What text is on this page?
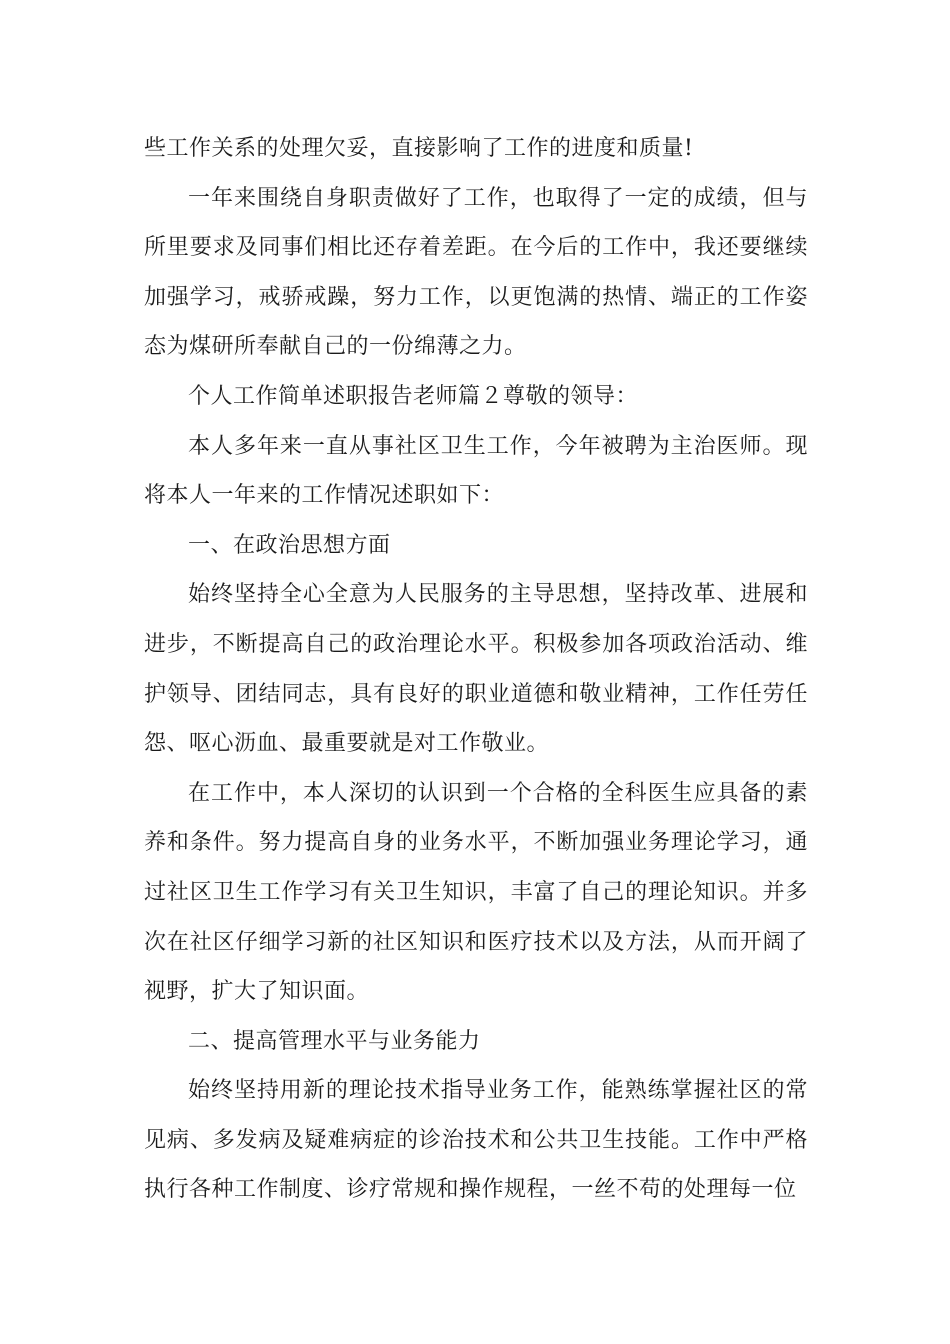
些工作关系的处理欠妥，直接影响了工作的进度和质量!

一年来围绕自身职责做好了工作，也取得了一定的成绩，但与所里要求及同事们相比还存着差距。在今后的工作中，我还要继续加强学习，戒骄戒躁，努力工作，以更饱满的热情、端正的工作姿态为煤研所奉献自己的一份绵薄之力。

个人工作简单述职报告老师篇２尊敬的领导：

本人多年来一直从事社区卫生工作，今年被聘为主治医师。现将本人一年来的工作情况述职如下：

一、在政治思想方面

始终坚持全心全意为人民服务的主导思想，坚持改革、进展和进步，不断提高自己的政治理论水平。积极参加各项政治活动、维护领导、团结同志，具有良好的职业道德和敬业精神，工作任劳任怨、呕心沥血、最重要就是对工作敬业。

在工作中，本人深切的认识到一个合格的全科医生应具备的素养和条件。努力提高自身的业务水平，不断加强业务理论学习，通过社区卫生工作学习有关卫生知识，丰富了自己的理论知识。并多次在社区仔细学习新的社区知识和医疗技术以及方法，从而开阔了视野，扩大了知识面。

二、提高管理水平与业务能力

始终坚持用新的理论技术指导业务工作，能熟练掌握社区的常见病、多发病及疑难病症的诊治技术和公共卫生技能。工作中严格执行各种工作制度、诊疗常规和操作规程，一丝不苟的处理每一位
